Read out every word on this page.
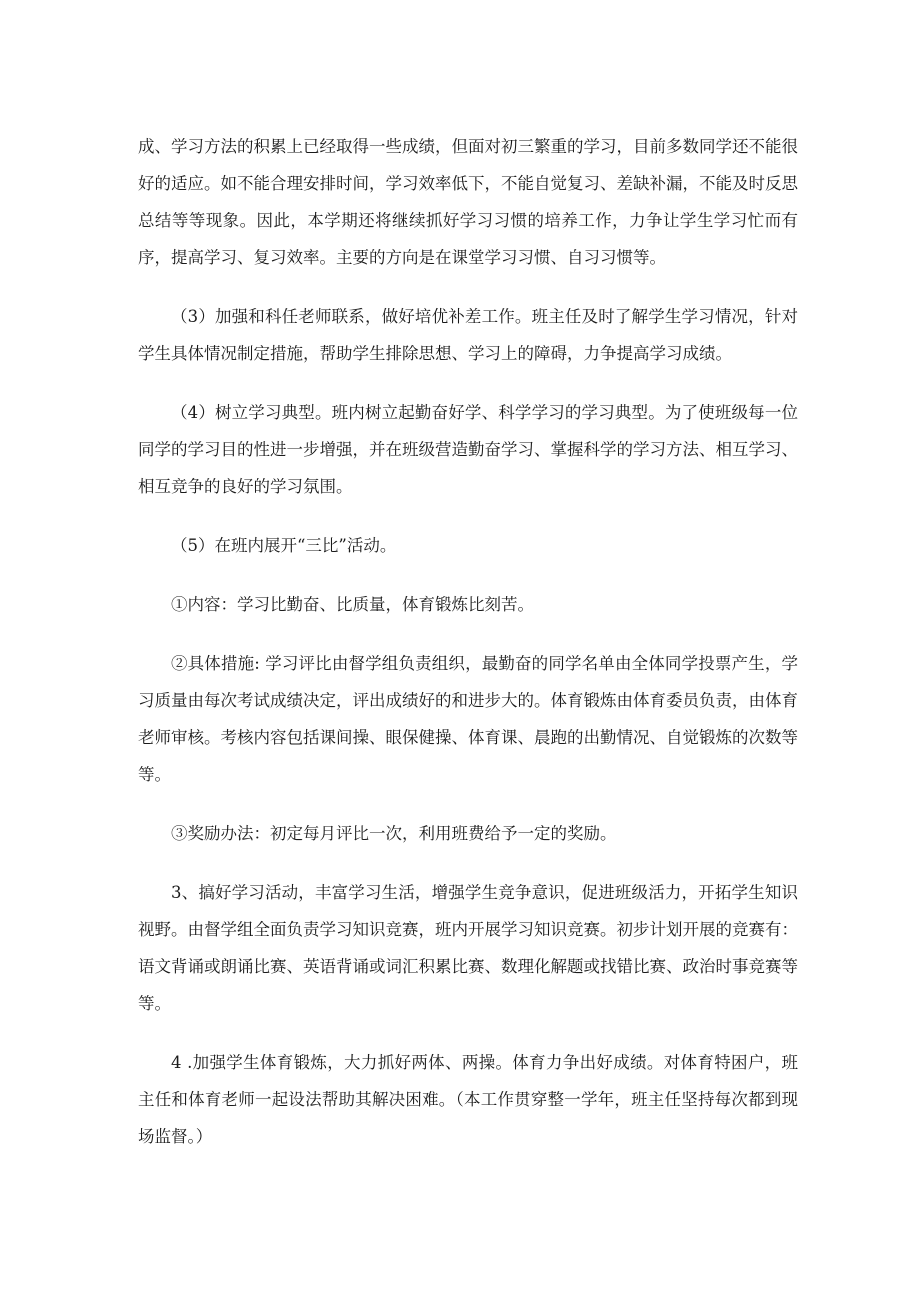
成、学习方法的积累上已经取得一些成绩，但面对初三繁重的学习，目前多数同学还不能很好的适应。如不能合理安排时间，学习效率低下，不能自觉复习、差缺补漏，不能及时反思总结等等现象。因此，本学期还将继续抓好学习习惯的培养工作，力争让学生学习忙而有序，提高学习、复习效率。主要的方向是在课堂学习习惯、自习习惯等。

（3）加强和科任老师联系，做好培优补差工作。班主任及时了解学生学习情况，针对学生具体情况制定措施，帮助学生排除思想、学习上的障碍，力争提高学习成绩。

（4）树立学习典型。班内树立起勤奋好学、科学学习的学习典型。为了使班级每一位同学的学习目的性进一步增强，并在班级营造勤奋学习、掌握科学的学习方法、相互学习、相互竞争的良好的学习氛围。

（5）在班内展开“三比”活动。

①内容：学习比勤奋、比质量，体育锻炼比刻苦。

②具体措施: 学习评比由督学组负责组织，最勤奋的同学名单由全体同学投票产生，学习质量由每次考试成绩决定，评出成绩好的和进步大的。体育锻炼由体育委员负责，由体育老师审核。考核内容包括课间操、眼保健操、体育课、晨跑的出勤情况、自觉锻炼的次数等等。

③奖励办法：初定每月评比一次，利用班费给予一定的奖励。

3、搞好学习活动，丰富学习生活，增强学生竞争意识，促进班级活力，开拓学生知识视野。由督学组全面负责学习知识竞赛，班内开展学习知识竞赛。初步计划开展的竞赛有：语文背诵或朗诵比赛、英语背诵或词汇积累比赛、数理化解题或找错比赛、政治时事竞赛等等。

4 .加强学生体育锻炼，大力抓好两体、两操。体育力争出好成绩。对体育特困户，班主任和体育老师一起设法帮助其解决困难。（本工作贯穿整一学年，班主任坚持每次都到现场监督。）
